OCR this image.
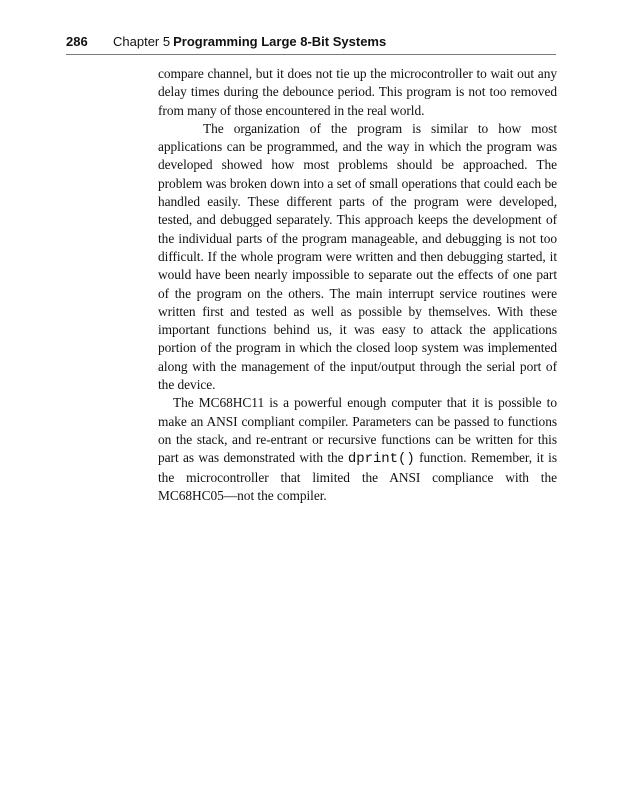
286 Chapter 5 Programming Large 8-Bit Systems

compare channel, but it does not tie up the microcontroller to wait out any delay times during the debounce period. This program is not too removed from many of those encountered in the real world.

The organization of the program is similar to how most applications can be programmed, and the way in which the program was developed showed how most problems should be approached. The problem was broken down into a set of small operations that could each be handled easily. These different parts of the program were developed, tested, and debugged separately. This approach keeps the development of the individual parts of the program manageable, and debugging is not too difficult. If the whole program were written and then debugging started, it would have been nearly impossible to separate out the effects of one part of the program on the others. The main interrupt service routines were written first and tested as well as possible by themselves. With these important functions behind us, it was easy to attack the applications portion of the program in which the closed loop system was implemented along with the management of the input/output through the serial port of the device.

The MC68HC11 is a powerful enough computer that it is possible to make an ANSI compliant compiler. Parameters can be passed to functions on the stack, and re-entrant or recursive functions can be written for this part as was demonstrated with the dprint() function. Remember, it is the microcontroller that limited the ANSI compliance with the MC68HC05—not the compiler.
